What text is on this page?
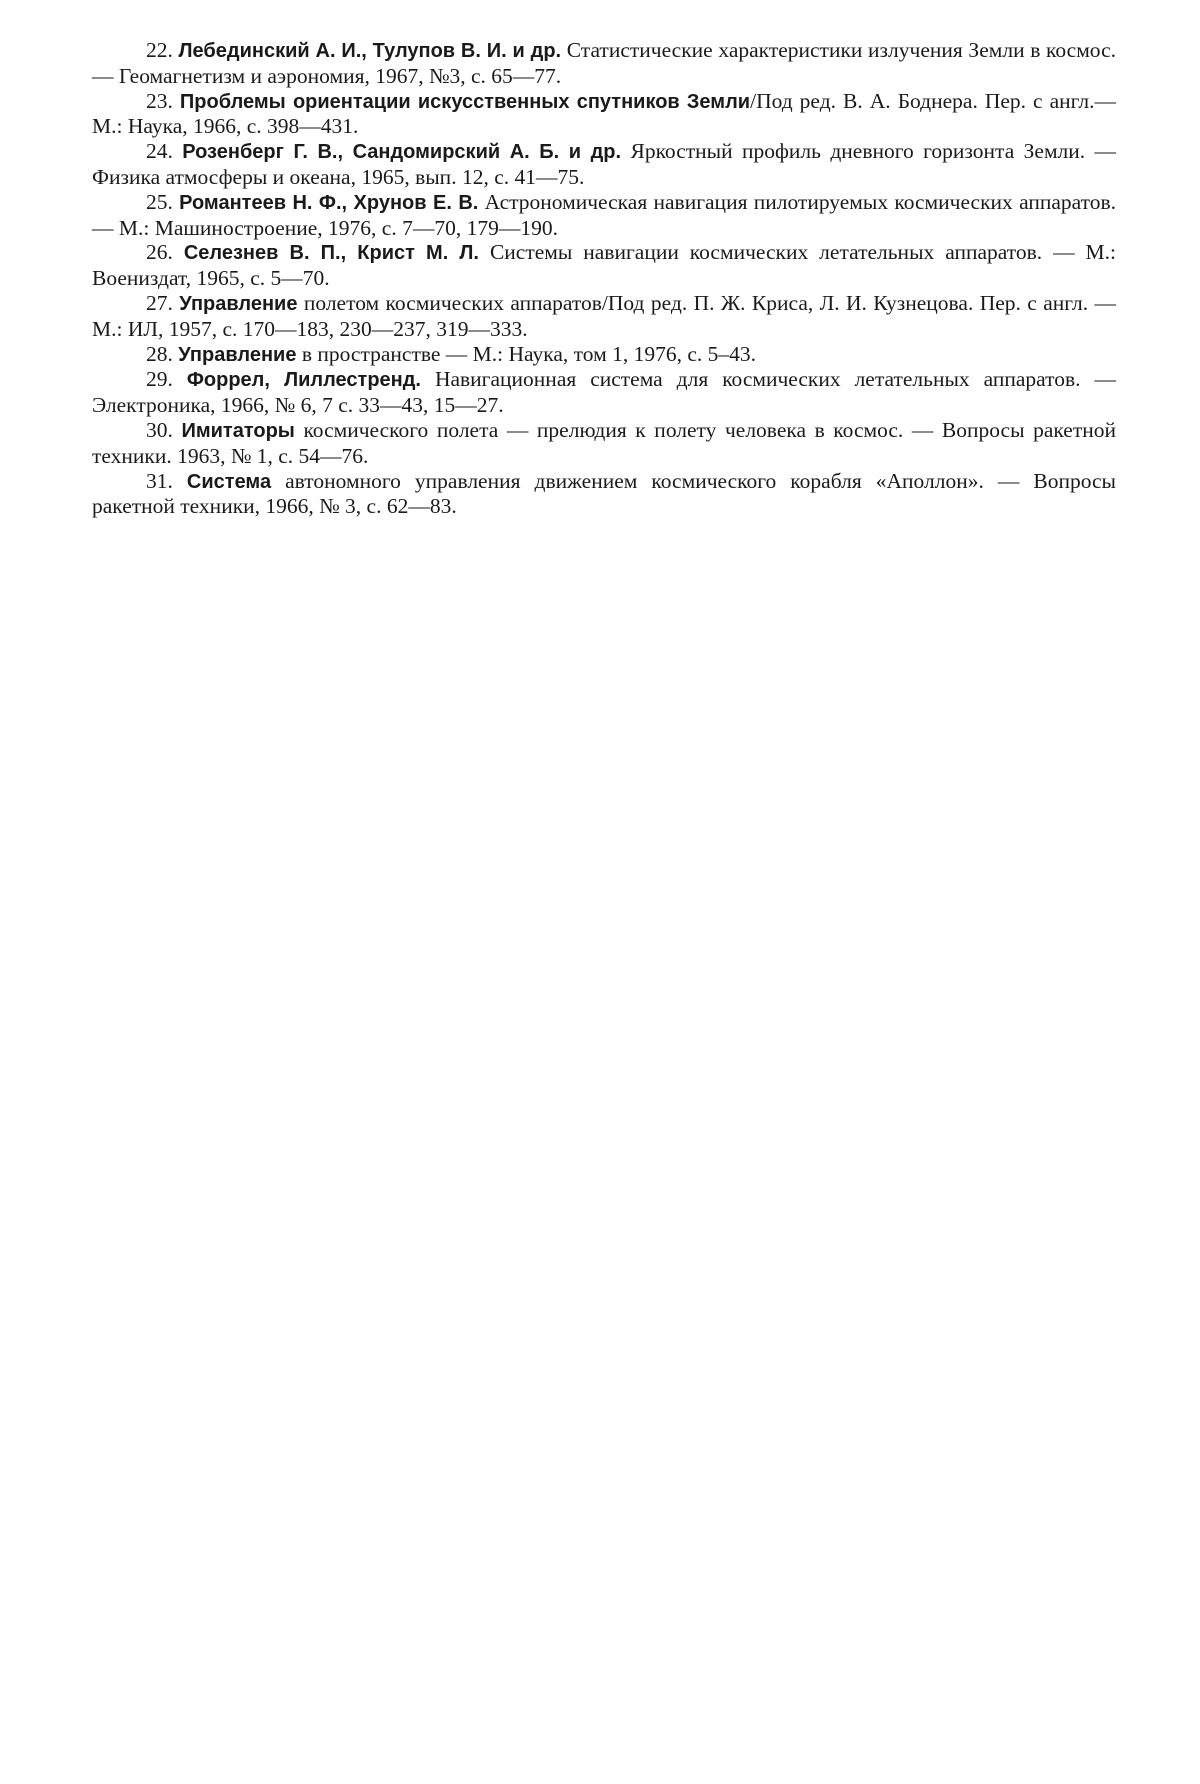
22. Лебединский А. И., Тулупов В. И. и др. Статистические характеристики излучения Земли в космос.— Геомагнетизм и аэрономия, 1967, №3, с. 65—77.

23. Проблемы ориентации искусственных спутников Земли/Под ред. В. А. Боднера. Пер. с англ.— М.: Наука, 1966, с. 398—431.

24. Розенберг Г. В., Сандомирский А. Б. и др. Яркостный профиль дневного горизонта Земли. — Физика атмосферы и океана, 1965, вып. 12, с. 41—75.

25. Романтеев Н. Ф., Хрунов Е. В. Астрономическая навигация пилотируемых космических аппаратов. — М.: Машиностроение, 1976, с. 7—70, 179—190.

26. Селезнев В. П., Крист М. Л. Системы навигации космических летательных аппаратов. — М.: Воениздат, 1965, с. 5—70.

27. Управление полетом космических аппаратов/Под ред. П. Ж. Криса, Л. И. Кузнецова. Пер. с англ. — М.: ИЛ, 1957, с. 170—183, 230—237, 319—333.

28. Управление в пространстве — М.: Наука, том 1, 1976, с. 5–43.

29. Форрел, Лиллестренд. Навигационная система для космических летательных аппаратов. — Электроника, 1966, № 6, 7 с. 33—43, 15—27.

30. Имитаторы космического полета — прелюдия к полету человека в космос. — Вопросы ракетной техники. 1963, № 1, с. 54—76.

31. Система автономного управления движением космического корабля «Аполлон». — Вопросы ракетной техники, 1966, № 3, с. 62—83.
